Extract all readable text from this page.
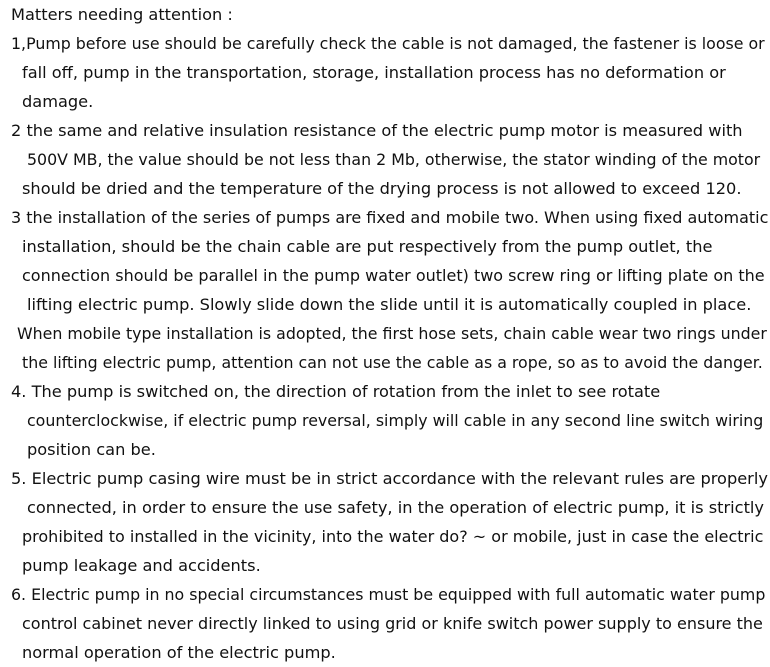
Matters needing attention :
1,Pump before use should be carefully check the cable is not damaged, the fastener is loose or
fall off, pump in the transportation, storage, installation process has no deformation or
damage.
2 the same and relative insulation resistance of the electric pump motor is measured with
500V MB, the value should be not less than 2 Mb, otherwise, the stator winding of the motor
should be dried and the temperature of the drying process is not allowed to exceed 120.
3 the installation of the series of pumps are fixed and mobile two. When using fixed automatic
installation, should be the chain cable are put respectively from the pump outlet, the
connection should be parallel in the pump water outlet) two screw ring or lifting plate on the
lifting electric pump. Slowly slide down the slide until it is automatically coupled in place.
When mobile type installation is adopted, the first hose sets, chain cable wear two rings under
the lifting electric pump, attention can not use the cable as a rope, so as to avoid the danger.
4. The pump is switched on, the direction of rotation from the inlet to see rotate
counterclockwise, if electric pump reversal, simply will cable in any second line switch wiring
position can be.
5. Electric pump casing wire must be in strict accordance with the relevant rules are properly
connected, in order to ensure the use safety, in the operation of electric pump, it is strictly
prohibited to installed in the vicinity, into the water do? ~ or mobile, just in case the electric
pump leakage and accidents.
6. Electric pump in no special circumstances must be equipped with full automatic water pump
control cabinet never directly linked to using grid or knife switch power supply to ensure the
normal operation of the electric pump.
